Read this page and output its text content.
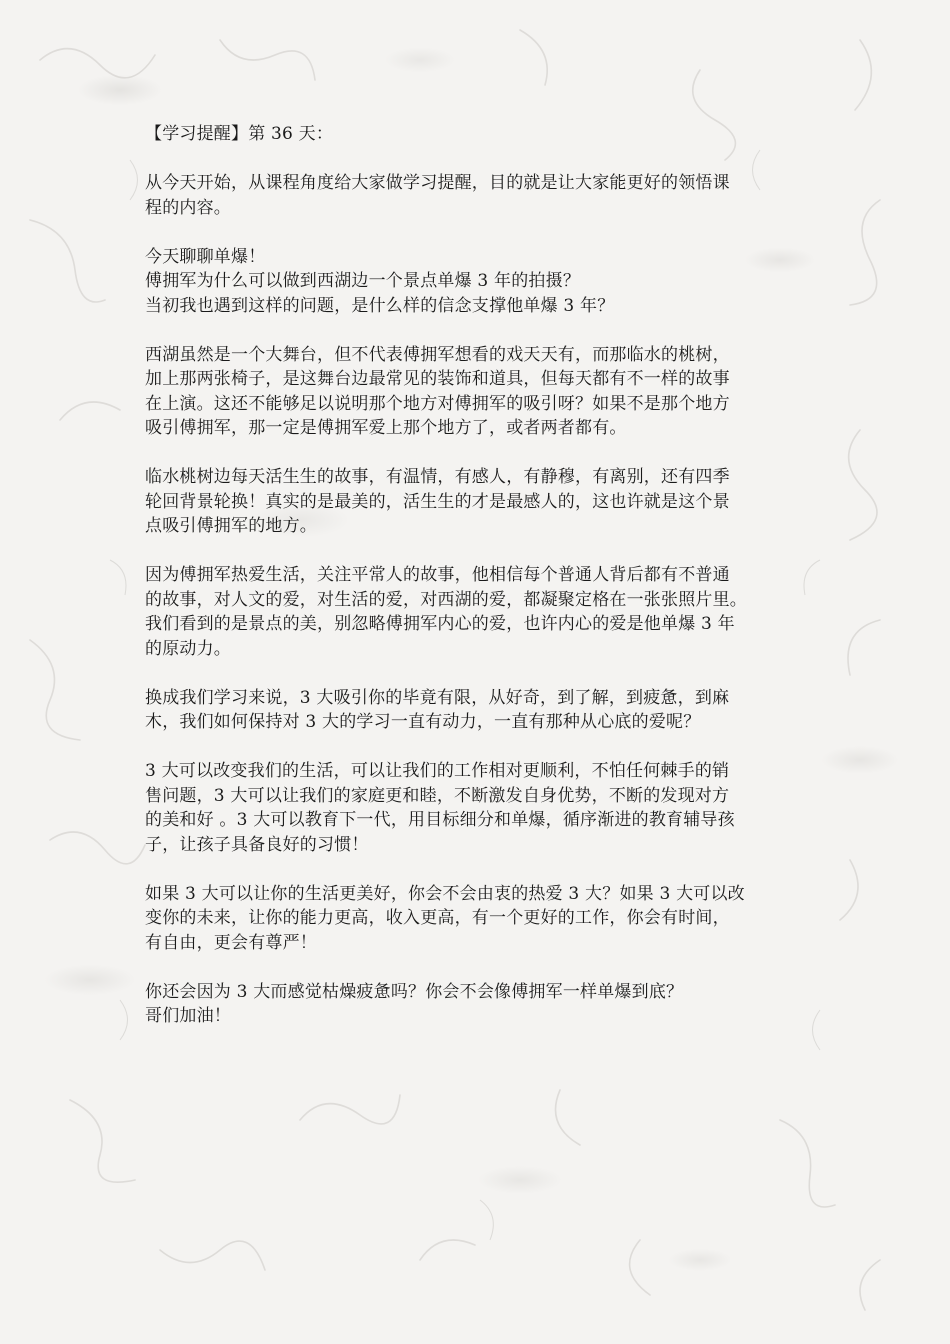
【学习提醒】第 36 天：
从今天开始，从课程角度给大家做学习提醒，目的就是让大家能更好的领悟课
程的内容。
今天聊聊单爆！
傅拥军为什么可以做到西湖边一个景点单爆 3 年的拍摄？
当初我也遇到这样的问题，是什么样的信念支撑他单爆 3 年？
西湖虽然是一个大舞台，但不代表傅拥军想看的戏天天有，而那临水的桃树，
加上那两张椅子，是这舞台边最常见的装饰和道具，但每天都有不一样的故事
在上演。这还不能够足以说明那个地方对傅拥军的吸引呀？如果不是那个地方
吸引傅拥军，那一定是傅拥军爱上那个地方了，或者两者都有。
临水桃树边每天活生生的故事，有温情，有感人，有静穆，有离别，还有四季
轮回背景轮换！真实的是最美的，活生生的才是最感人的，这也许就是这个景
点吸引傅拥军的地方。
因为傅拥军热爱生活，关注平常人的故事，他相信每个普通人背后都有不普通
的故事，对人文的爱，对生活的爱，对西湖的爱，都凝聚定格在一张张照片里。
我们看到的是景点的美，别忽略傅拥军内心的爱，也许内心的爱是他单爆 3 年
的原动力。
换成我们学习来说，3 大吸引你的毕竟有限，从好奇，到了解，到疲惫，到麻
木，我们如何保持对 3 大的学习一直有动力，一直有那种从心底的爱呢？
3 大可以改变我们的生活，可以让我们的工作相对更顺利，不怕任何棘手的销
售问题，3 大可以让我们的家庭更和睦，不断激发自身优势，不断的发现对方
的美和好 。3 大可以教育下一代，用目标细分和单爆，循序渐进的教育辅导孩
子，让孩子具备良好的习惯！
如果 3 大可以让你的生活更美好，你会不会由衷的热爱 3 大？如果 3 大可以改
变你的未来，让你的能力更高，收入更高，有一个更好的工作，你会有时间，
有自由，更会有尊严！
你还会因为 3 大而感觉枯燥疲惫吗？你会不会像傅拥军一样单爆到底？
哥们加油！
